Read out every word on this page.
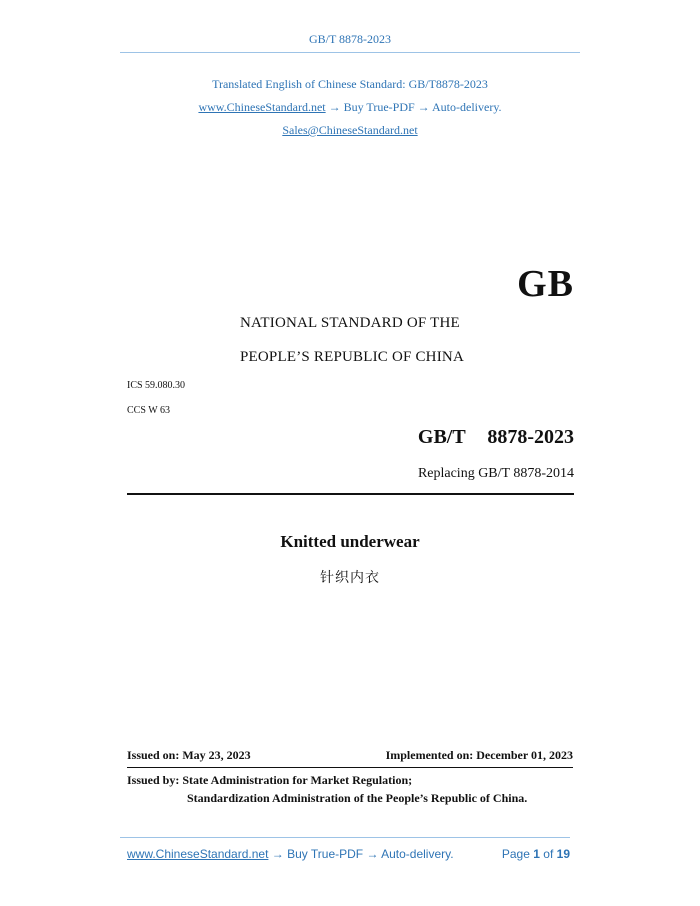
GB/T 8878-2023
Translated English of Chinese Standard: GB/T8878-2023
www.ChineseStandard.net → Buy True-PDF → Auto-delivery.
Sales@ChineseStandard.net
GB
NATIONAL STANDARD OF THE
PEOPLE’S REPUBLIC OF CHINA
ICS 59.080.30
CCS W 63
GB/T  8878-2023
Replacing GB/T 8878-2014
Knitted underwear
针织内衣
Issued on: May 23, 2023	Implemented on: December 01, 2023
Issued by: State Administration for Market Regulation;
Standardization Administration of the People’s Republic of China.
www.ChineseStandard.net → Buy True-PDF → Auto-delivery.	Page 1 of 19
